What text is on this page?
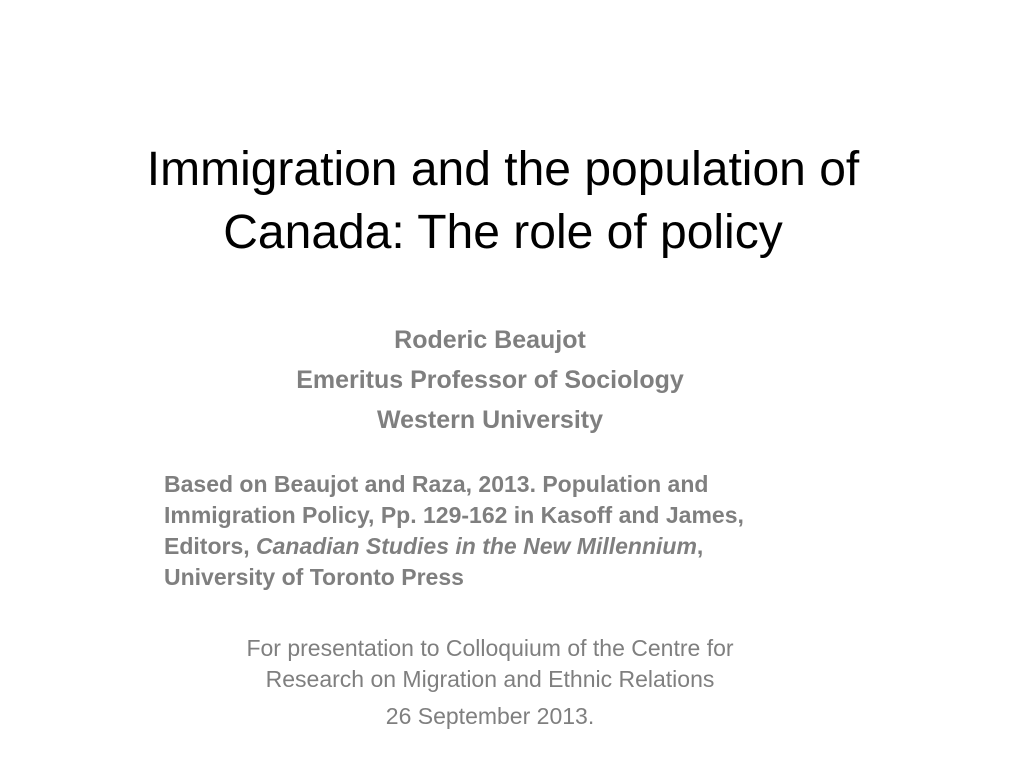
Immigration and the population of
Canada: The role of policy
Roderic Beaujot
Emeritus Professor of Sociology
Western University
Based on Beaujot and Raza, 2013. Population and
Immigration Policy, Pp. 129-162 in Kasoff and James,
Editors, Canadian Studies in the New Millennium,
University of Toronto Press
For presentation to Colloquium of the Centre for
Research on Migration and Ethnic Relations
26 September 2013.
